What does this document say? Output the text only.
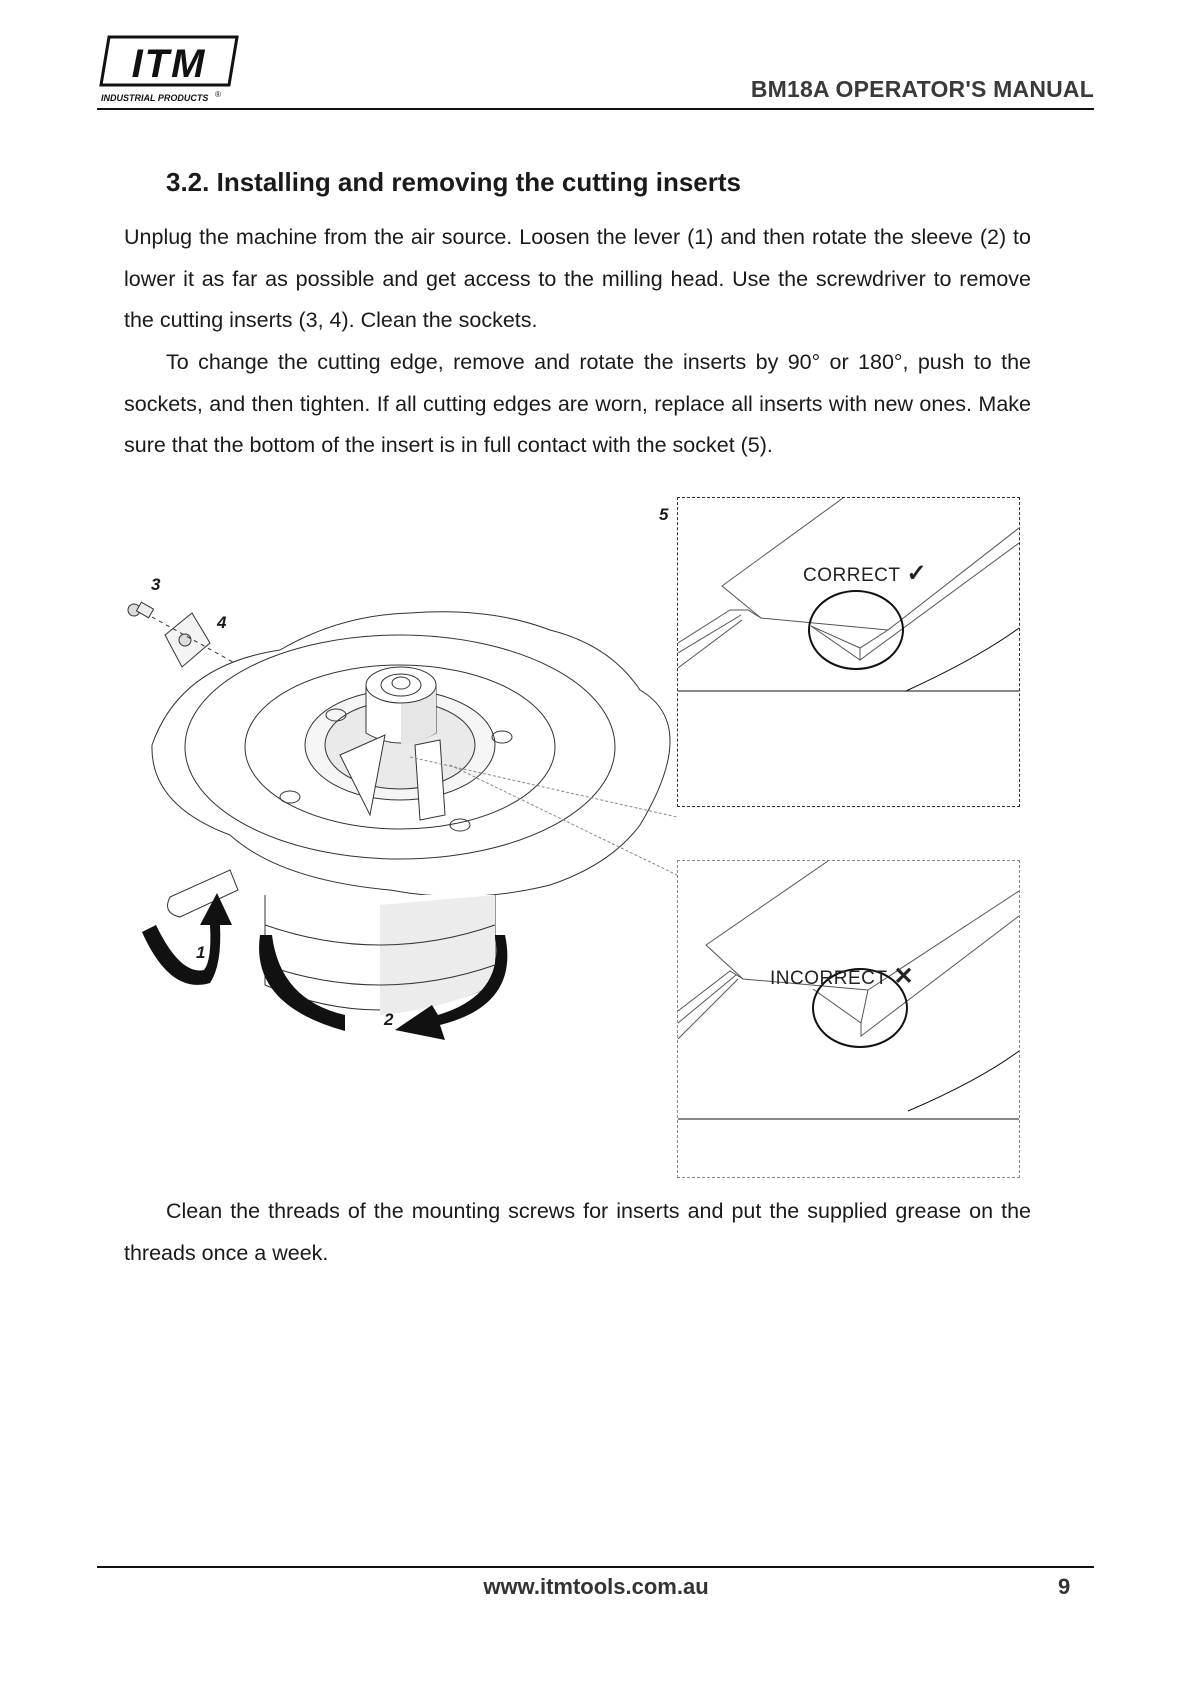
ITM
INDUSTRIAL PRODUCTS ®	BM18A OPERATOR'S MANUAL
3.2. Installing and removing the cutting inserts
Unplug the machine from the air source. Loosen the lever (1) and then rotate the sleeve (2) to lower it as far as possible and get access to the milling head. Use the screwdriver to remove the cutting inserts (3, 4). Clean the sockets.
To change the cutting edge, remove and rotate the inserts by 90° or 180°, push to the sockets, and then tighten. If all cutting edges are worn, replace all inserts with new ones. Make sure that the bottom of the insert is in full contact with the socket (5).
3
4
1
2
5
CORRECT ✓
INCORRECT ✕
Clean the threads of the mounting screws for inserts and put the supplied grease on the threads once a week.
www.itmtools.com.au	9
